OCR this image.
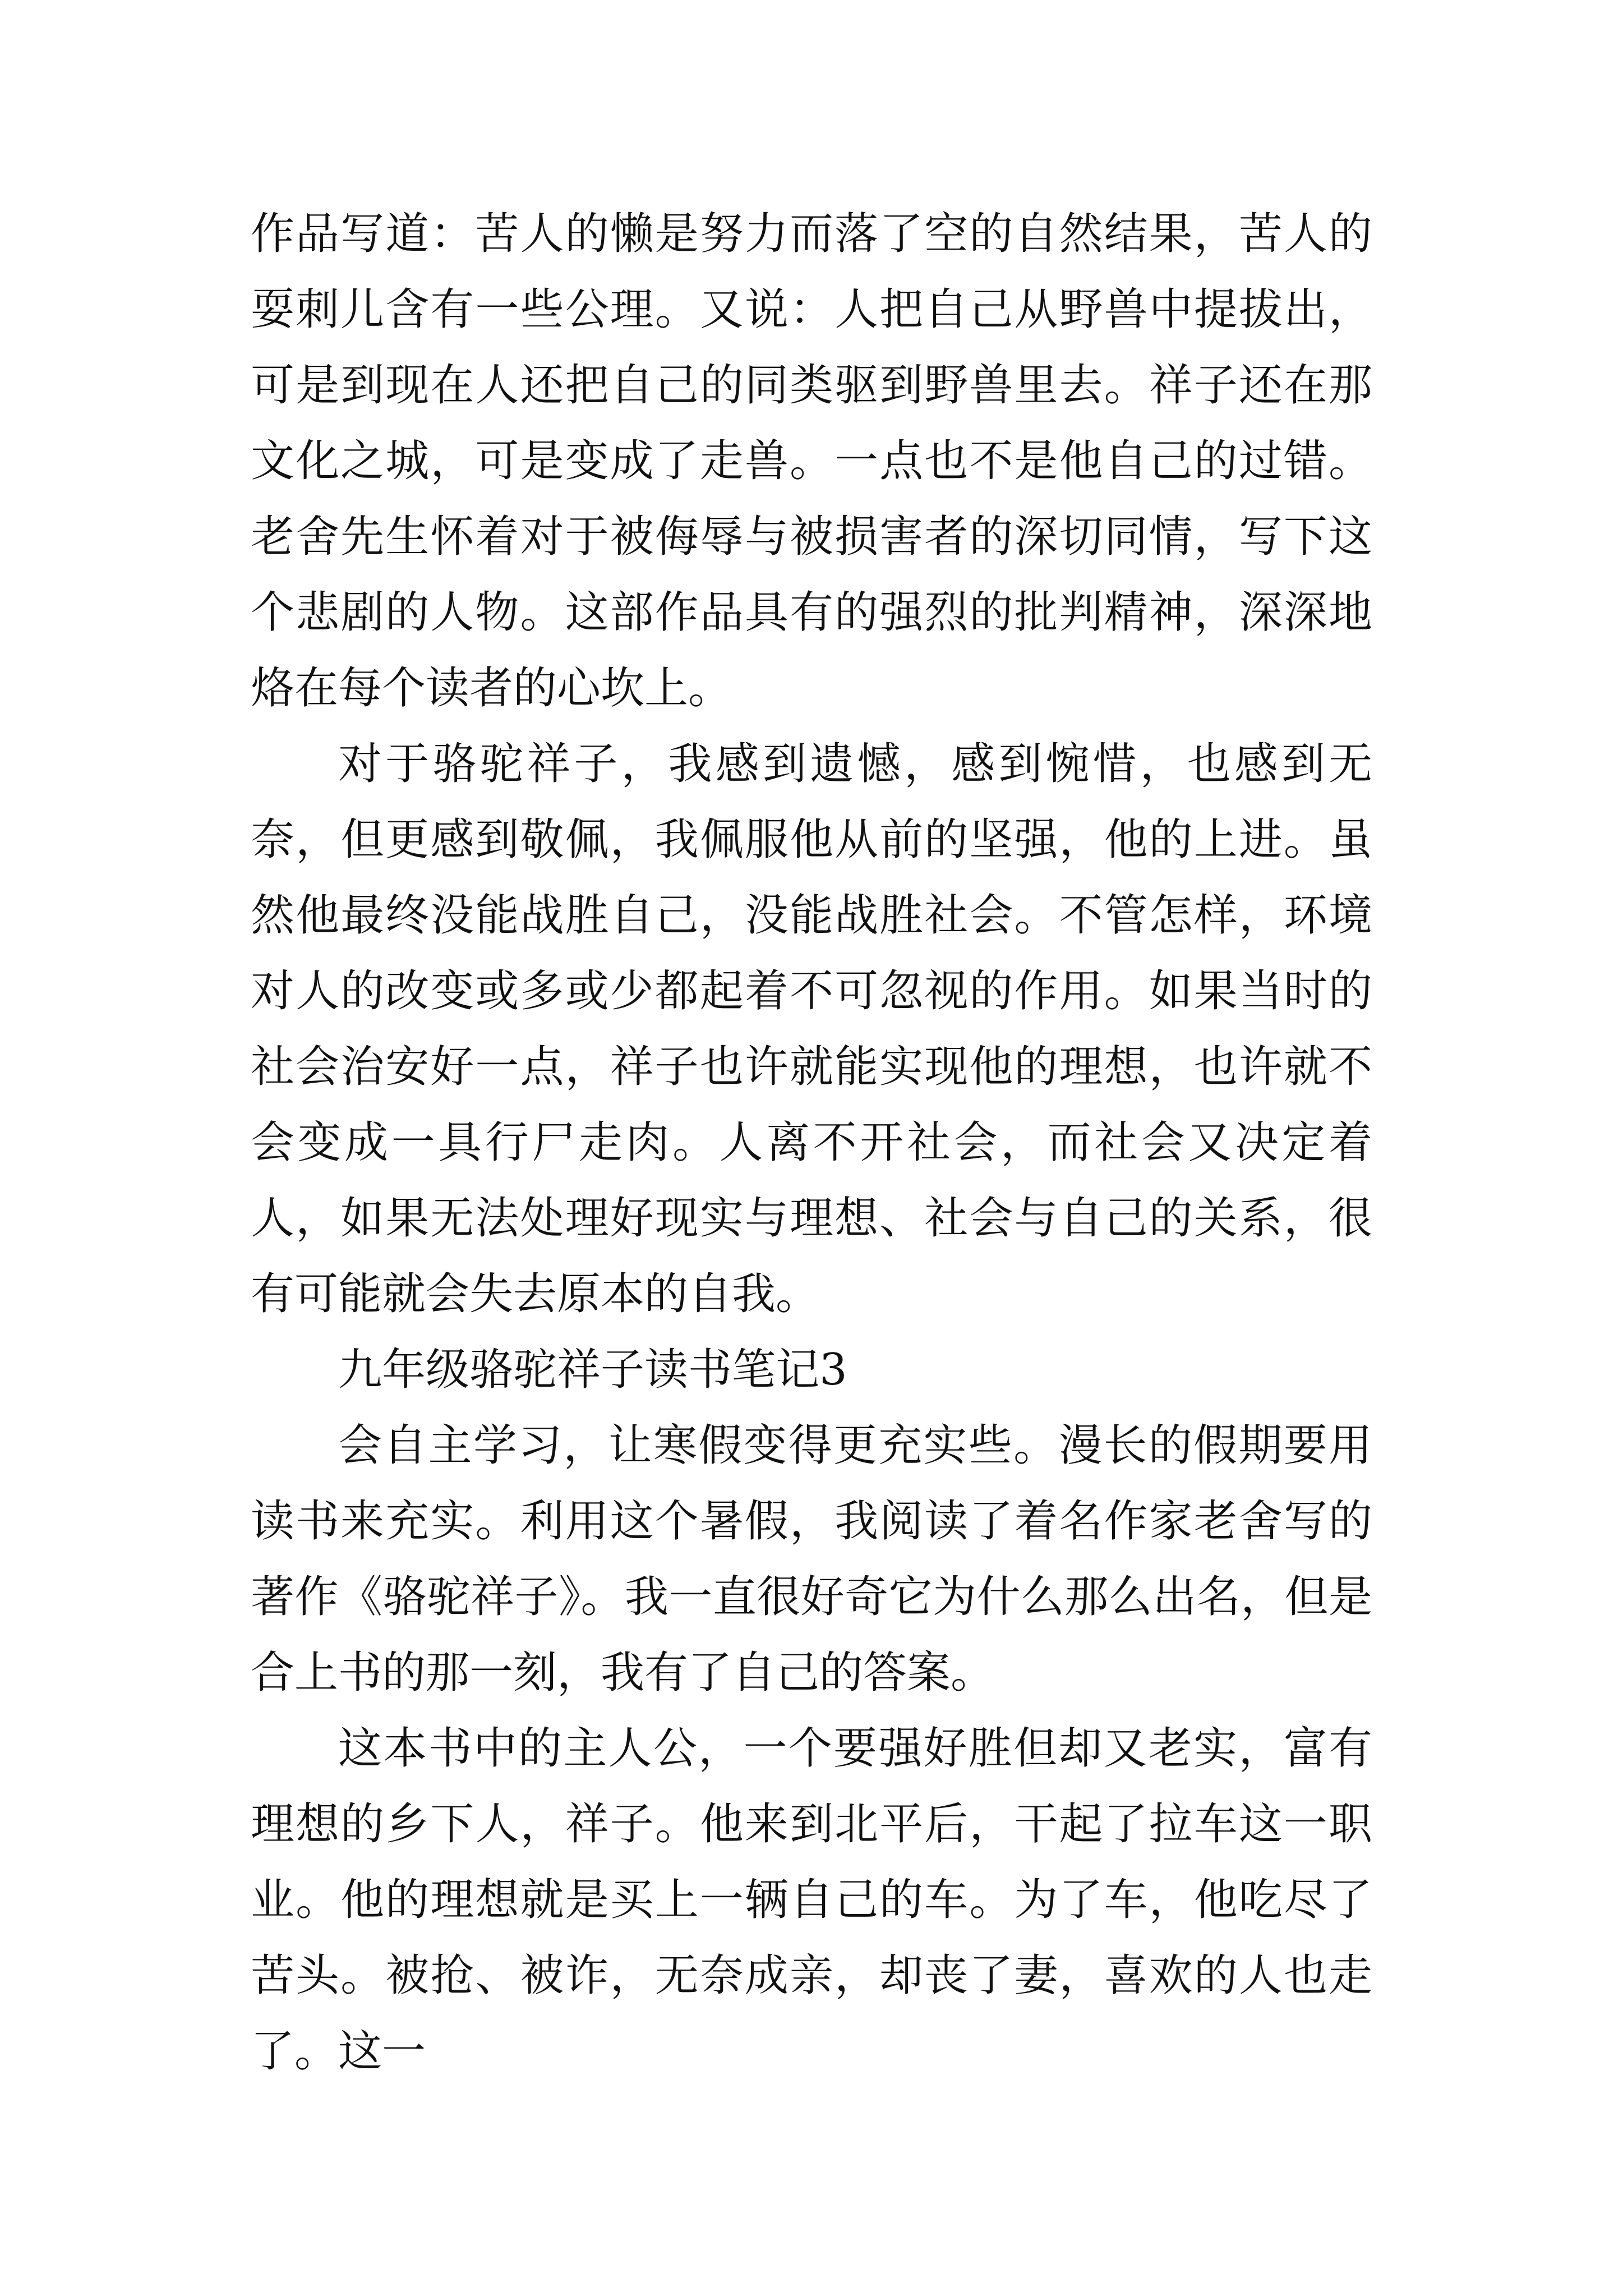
作品写道：苦人的懒是努力而落了空的自然结果，苦人的耍刺儿含有一些公理。又说：人把自己从野兽中提拔出，可是到现在人还把自己的同类驱到野兽里去。祥子还在那文化之城，可是变成了走兽。一点也不是他自己的过错。老舍先生怀着对于被侮辱与被损害者的深切同情，写下这个悲剧的人物。这部作品具有的强烈的批判精神，深深地烙在每个读者的心坎上。

对于骆驼祥子，我感到遗憾，感到惋惜，也感到无奈，但更感到敬佩，我佩服他从前的坚强，他的上进。虽然他最终没能战胜自己，没能战胜社会。不管怎样，环境对人的改变或多或少都起着不可忽视的作用。如果当时的社会治安好一点，祥子也许就能实现他的理想，也许就不会变成一具行尸走肉。人离不开社会，而社会又决定着人，如果无法处理好现实与理想、社会与自己的关系，很有可能就会失去原本的自我。

九年级骆驼祥子读书笔记3

会自主学习，让寒假变得更充实些。漫长的假期要用读书来充实。利用这个暑假，我阅读了着名作家老舍写的著作《骆驼祥子》。我一直很好奇它为什么那么出名，但是合上书的那一刻，我有了自己的答案。

这本书中的主人公，一个要强好胜但却又老实，富有理想的乡下人，祥子。他来到北平后，干起了拉车这一职业。他的理想就是买上一辆自己的车。为了车，他吃尽了苦头。被抢、被诈，无奈成亲，却丧了妻，喜欢的人也走了。这一
